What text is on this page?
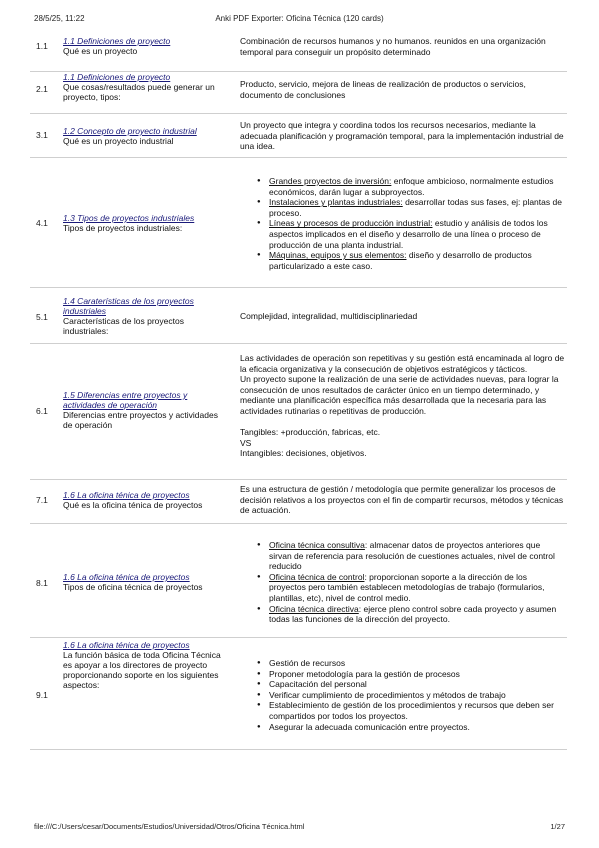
28/5/25, 11:22	Anki PDF Exporter: Oficina Técnica (120 cards)
1.1 1.1 Definiciones de proyecto
Qué es un proyecto

Combinación de recursos humanos y no humanos. reunidos en una organización temporal para conseguir un propósito determinado

2.1
1.1 Definiciones de proyecto
Que cosas/resultados puede generar un proyecto, tipos:

Producto, servicio, mejora de lineas de realización de productos o servicios, documento de conclusiones

3.1 1.2 Concepto de proyecto industrial
Qué es un proyecto industrial

Un proyecto que integra y coordina todos los recursos necesarios, mediante la adecuada planificación y programación temporal, para la implementación industrial de una idea.

4.1 1.3 Tipos de proyectos industriales
Tipos de proyectos industriales:
● Grandes proyectos de inversión: enfoque ambicioso, normalmente estudios económicos, darán lugar a subproyectos.
● Instalaciones y plantas industriales: desarrollar todas sus fases, ej: plantas de proceso.
● Líneas y procesos de producción industrial: estudio y análisis de todos los aspectos implicados en el diseño y desarrollo de una línea o proceso de producción de una planta industrial.
● Máquinas, equipos y sus elementos: diseño y desarrollo de productos particularizado a este caso.
5.1
1.4 Caraterísticas de los proyectos industriales
Características de los proyectos industriales:

Complejidad, integralidad, multidisciplinariedad

6.1
1.5 Diferencias entre proyectos y actividades de operación
Diferencias entre proyectos y actividades de operación

Las actividades de operación son repetitivas y su gestión está encaminada al logro de la eficacia organizativa y la consecución de objetivos estratégicos y tácticos.

Un proyecto supone la realización de una serie de actividades nuevas, para lograr la consecución de unos resultados de carácter único en un tiempo determinado, y mediante una planificación específica más desarrollada que la necesaria para las actividades rutinarias o repetitivas de producción.

Tangibles: +producción, fabricas, etc.

VS

Intangibles: decisiones, objetivos.

7.1 1.6 La oficina ténica de proyectos
Qué es la oficina ténica de proyectos

Es una estructura de gestión / metodología que permite generalizar los procesos de decisión relativos a los proyectos con el fin de compartir recursos, métodos y técnicas de actuación.

8.1
1.6 La oficina ténica de proyectos
Tipos de oficina técnica de proyectos
● Oficina técnica consultiva: almacenar datos de proyectos anteriores que sirvan de referencia para resolución de cuestiones actuales, nivel de control reducido
● Oficina técnica de control: proporcionan soporte a la dirección de los proyectos pero también establecen metodologías de trabajo (formularios, plantillas, etc), nivel de control medio.
● Oficina técnica directiva: ejerce pleno control sobre cada proyecto y asumen todas las funciones de la dirección del proyecto.
9.1
1.6 La oficina ténica de proyectos
La función básica de toda Oficina Técnica es apoyar a los directores de proyecto proporcionando soporte en los siguientes aspectos:
● Gestión de recursos
● Proponer metodología para la gestión de procesos
● Capacitación del personal
● Verificar cumplimiento de procedimientos y métodos de trabajo
● Establecimiento de gestión de los procedimientos y recursos que deben ser compartidos por todos los proyectos.
● Asegurar la adecuada comunicación entre proyectos.
file:///C:/Users/cesar/Documents/Estudios/Universidad/Otros/Oficina Técnica.html	1/27
